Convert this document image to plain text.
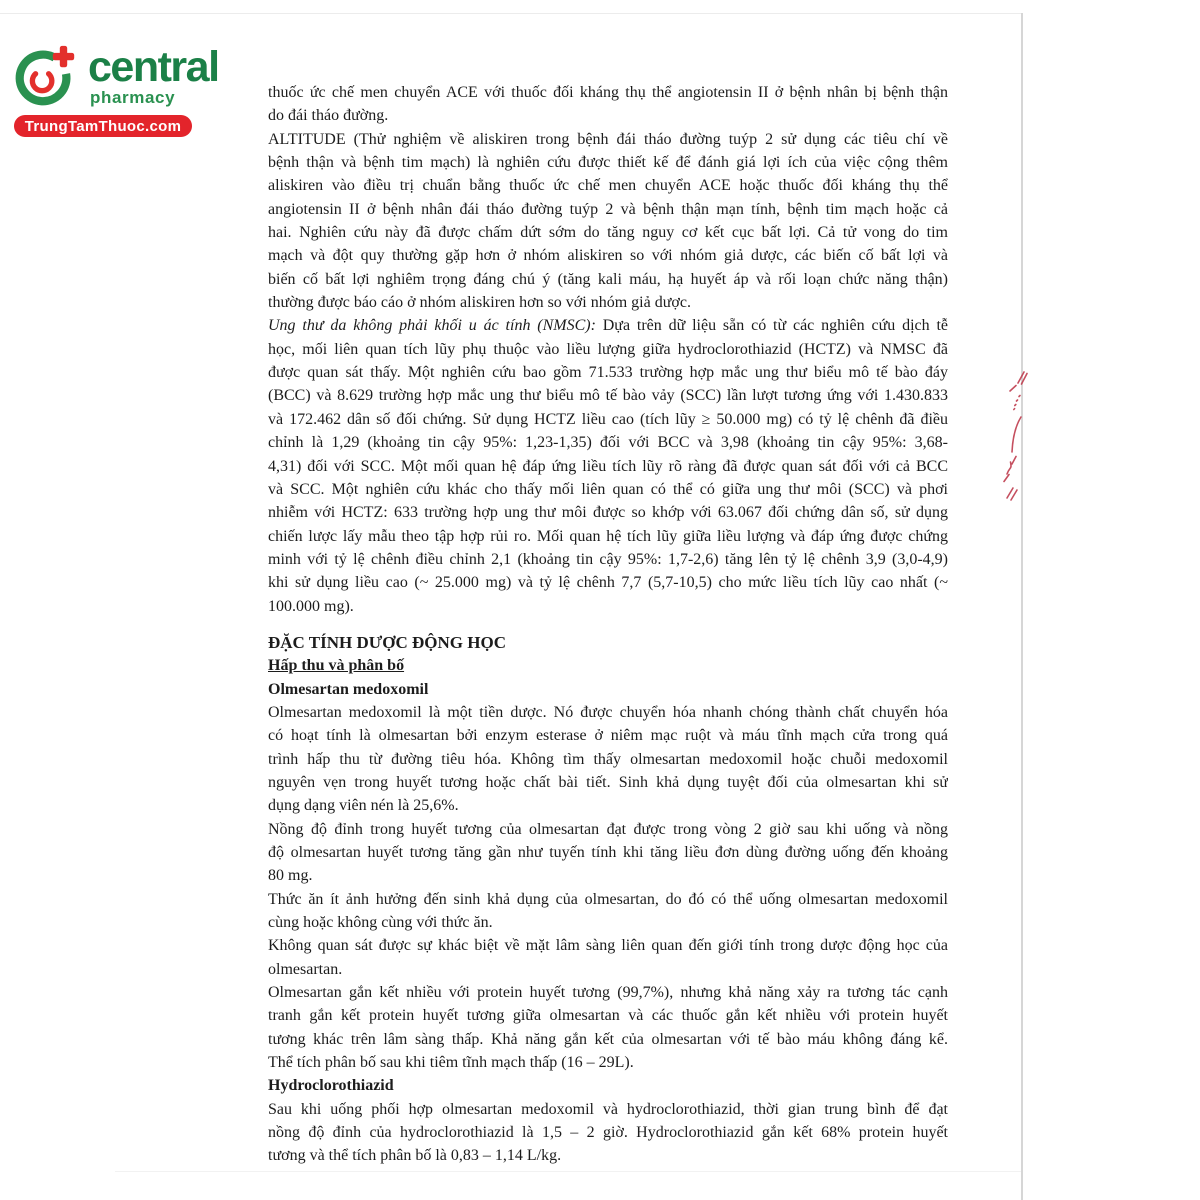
central
pharmacy
TrungTamThuoc.com
thuốc ức chế men chuyển ACE với thuốc đối kháng thụ thể angiotensin II ở bệnh nhân bị bệnh thận
do đái tháo đường.
ALTITUDE (Thử nghiệm về aliskiren trong bệnh đái tháo đường tuýp 2 sử dụng các tiêu chí về
bệnh thận và bệnh tim mạch) là nghiên cứu được thiết kế để đánh giá lợi ích của việc cộng thêm
aliskiren vào điều trị chuẩn bằng thuốc ức chế men chuyển ACE hoặc thuốc đối kháng thụ thể
angiotensin II ở bệnh nhân đái tháo đường tuýp 2 và bệnh thận mạn tính, bệnh tim mạch hoặc cả
hai. Nghiên cứu này đã được chấm dứt sớm do tăng nguy cơ kết cục bất lợi. Cả tử vong do tim
mạch và đột quy thường gặp hơn ở nhóm aliskiren so với nhóm giả dược, các biến cố bất lợi và
biến cố bất lợi nghiêm trọng đáng chú ý (tăng kali máu, hạ huyết áp và rối loạn chức năng thận)
thường được báo cáo ở nhóm aliskiren hơn so với nhóm giả dược.
Ung thư da không phải khối u ác tính (NMSC): Dựa trên dữ liệu sẵn có từ các nghiên cứu dịch tễ
học, mối liên quan tích lũy phụ thuộc vào liều lượng giữa hydroclorothiazid (HCTZ) và NMSC đã
được quan sát thấy. Một nghiên cứu bao gồm 71.533 trường hợp mắc ung thư biểu mô tế bào đáy
(BCC) và 8.629 trường hợp mắc ung thư biểu mô tế bào vảy (SCC) lần lượt tương ứng với 1.430.833
và 172.462 dân số đối chứng. Sử dụng HCTZ liều cao (tích lũy ≥ 50.000 mg) có tỷ lệ chênh đã điều
chỉnh là 1,29 (khoảng tin cậy 95%: 1,23-1,35) đối với BCC và 3,98 (khoảng tin cậy 95%: 3,68-
4,31) đối với SCC. Một mối quan hệ đáp ứng liều tích lũy rõ ràng đã được quan sát đối với cả BCC
và SCC. Một nghiên cứu khác cho thấy mối liên quan có thể có giữa ung thư môi (SCC) và phơi
nhiễm với HCTZ: 633 trường hợp ung thư môi được so khớp với 63.067 đối chứng dân số, sử dụng
chiến lược lấy mẫu theo tập hợp rủi ro. Mối quan hệ tích lũy giữa liều lượng và đáp ứng được chứng
minh với tỷ lệ chênh điều chỉnh 2,1 (khoảng tin cậy 95%: 1,7-2,6) tăng lên tỷ lệ chênh 3,9 (3,0-4,9)
khi sử dụng liều cao (~ 25.000 mg) và tỷ lệ chênh 7,7 (5,7-10,5) cho mức liều tích lũy cao nhất (~
100.000 mg).
ĐẶC TÍNH DƯỢC ĐỘNG HỌC
Hấp thu và phân bố
Olmesartan medoxomil
Olmesartan medoxomil là một tiền dược. Nó được chuyển hóa nhanh chóng thành chất chuyển hóa
có hoạt tính là olmesartan bởi enzym esterase ở niêm mạc ruột và máu tĩnh mạch cửa trong quá
trình hấp thu từ đường tiêu hóa. Không tìm thấy olmesartan medoxomil hoặc chuỗi medoxomil
nguyên vẹn trong huyết tương hoặc chất bài tiết. Sinh khả dụng tuyệt đối của olmesartan khi sử
dụng dạng viên nén là 25,6%.
Nồng độ đỉnh trong huyết tương của olmesartan đạt được trong vòng 2 giờ sau khi uống và nồng
độ olmesartan huyết tương tăng gần như tuyến tính khi tăng liều đơn dùng đường uống đến khoảng
80 mg.
Thức ăn ít ảnh hưởng đến sinh khả dụng của olmesartan, do đó có thể uống olmesartan medoxomil
cùng hoặc không cùng với thức ăn.
Không quan sát được sự khác biệt về mặt lâm sàng liên quan đến giới tính trong dược động học của
olmesartan.
Olmesartan gắn kết nhiều với protein huyết tương (99,7%), nhưng khả năng xảy ra tương tác cạnh
tranh gắn kết protein huyết tương giữa olmesartan và các thuốc gắn kết nhiều với protein huyết
tương khác trên lâm sàng thấp. Khả năng gắn kết của olmesartan với tế bào máu không đáng kể.
Thể tích phân bố sau khi tiêm tĩnh mạch thấp (16 – 29L).
Hydroclorothiazid
Sau khi uống phối hợp olmesartan medoxomil và hydroclorothiazid, thời gian trung bình để đạt
nồng độ đỉnh của hydroclorothiazid là 1,5 – 2 giờ. Hydroclorothiazid gắn kết 68% protein huyết
tương và thể tích phân bố là 0,83 – 1,14 L/kg.
